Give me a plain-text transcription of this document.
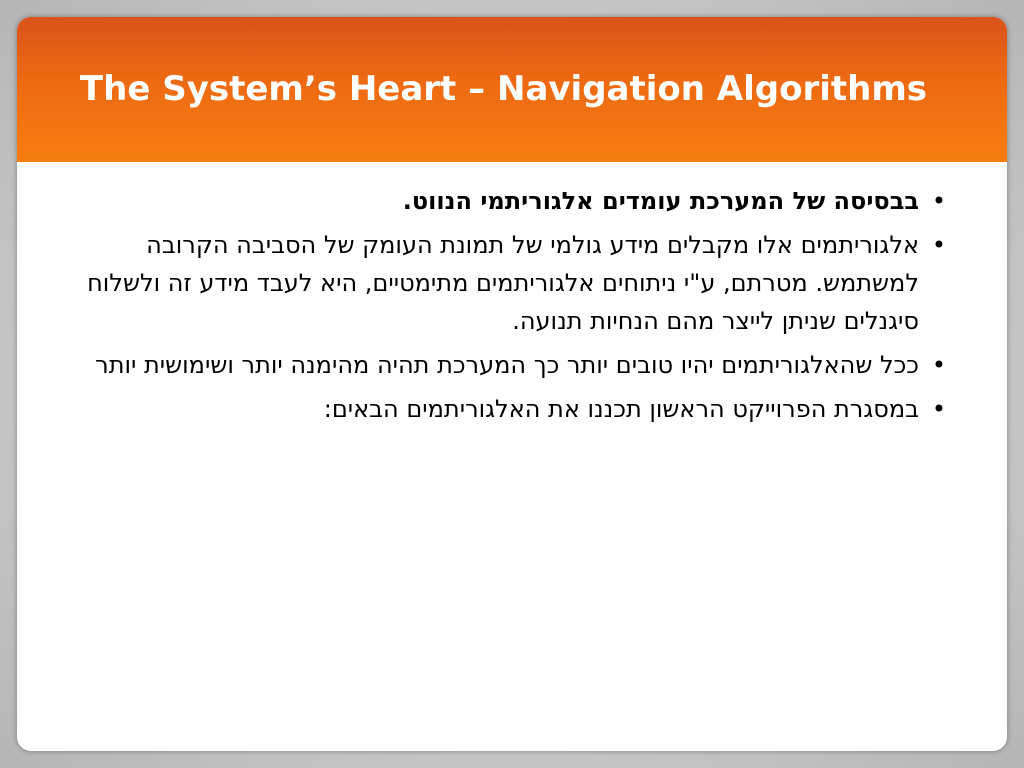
The System’s Heart – Navigation Algorithms
•
בבסיסה של המערכת עומדים אלגוריתמי הנווט.
•
אלגוריתמים אלו מקבלים מידע גולמי של תמונת העומק של הסביבה הקרובה למשתמש. מטרתם, ע"י ניתוחים אלגוריתמים מתימטיים, היא לעבד מידע זה ולשלוח סיגנלים שניתן לייצר מהם הנחיות תנועה.
•
ככל שהאלגוריתמים יהיו טובים יותר כך המערכת תהיה מהימנה יותר ושימושית יותר
•
במסגרת הפרוייקט הראשון תכננו את האלגוריתמים הבאים:
